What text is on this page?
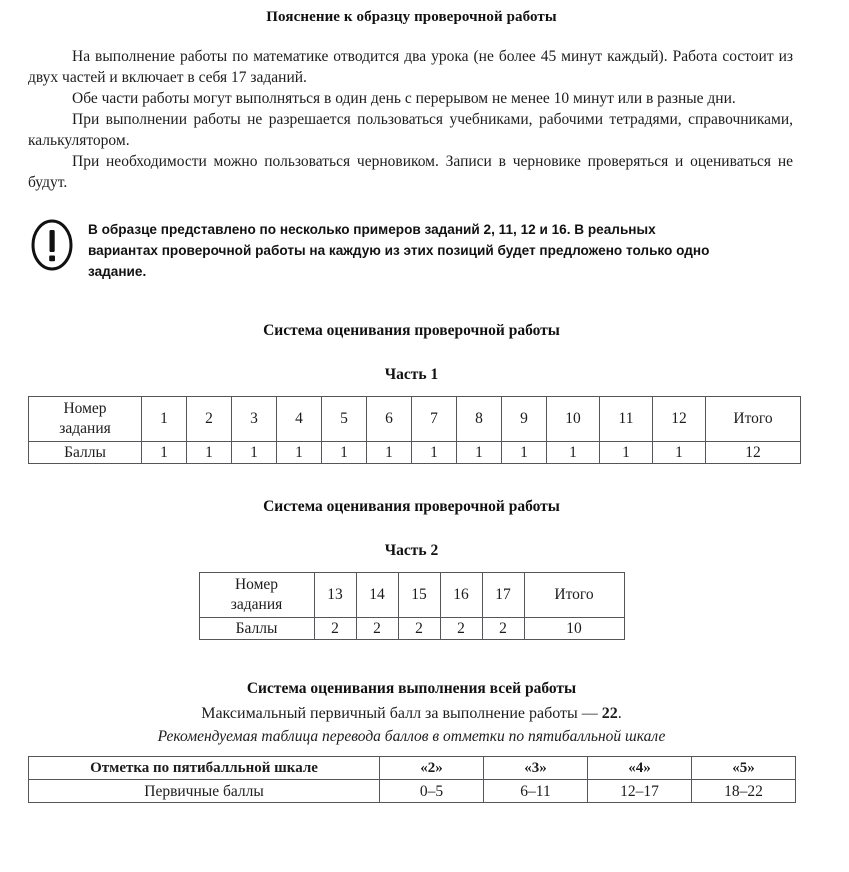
Пояснение к образцу проверочной работы

На выполнение работы по математике отводится два урока (не более 45 минут каждый). Работа состоит из двух частей и включает в себя 17 заданий.

Обе части работы могут выполняться в один день с перерывом не менее 10 минут или в разные дни.

При выполнении работы не разрешается пользоваться учебниками, рабочими тетрадями, справочниками, калькулятором.

При необходимости можно пользоваться черновиком. Записи в черновике проверяться и оцениваться не будут.

В образце представлено по несколько примеров заданий 2, 11, 12 и 16. В реальных вариантах проверочной работы на каждую из этих позиций будет предложено только одно задание.
Система оценивания проверочной работы
Часть 1
Номер
задания	1	2	3	4	5	6	7	8	9	10	11	12	Итого
Баллы	1	1	1	1	1	1	1	1	1	1	1	1	12
Система оценивания проверочной работы
Часть 2
Номер
задания	13	14	15	16	17	Итого
Баллы	2	2	2	2	2	10
Система оценивания выполнения всей работы

Максимальный первичный балл за выполнение работы — 22.

Рекомендуемая таблица перевода баллов в отметки по пятибалльной шкале

Отметка по пятибалльной шкале	«2»	«3»	«4»	«5»
Первичные баллы	0–5	6–11	12–17	18–22
